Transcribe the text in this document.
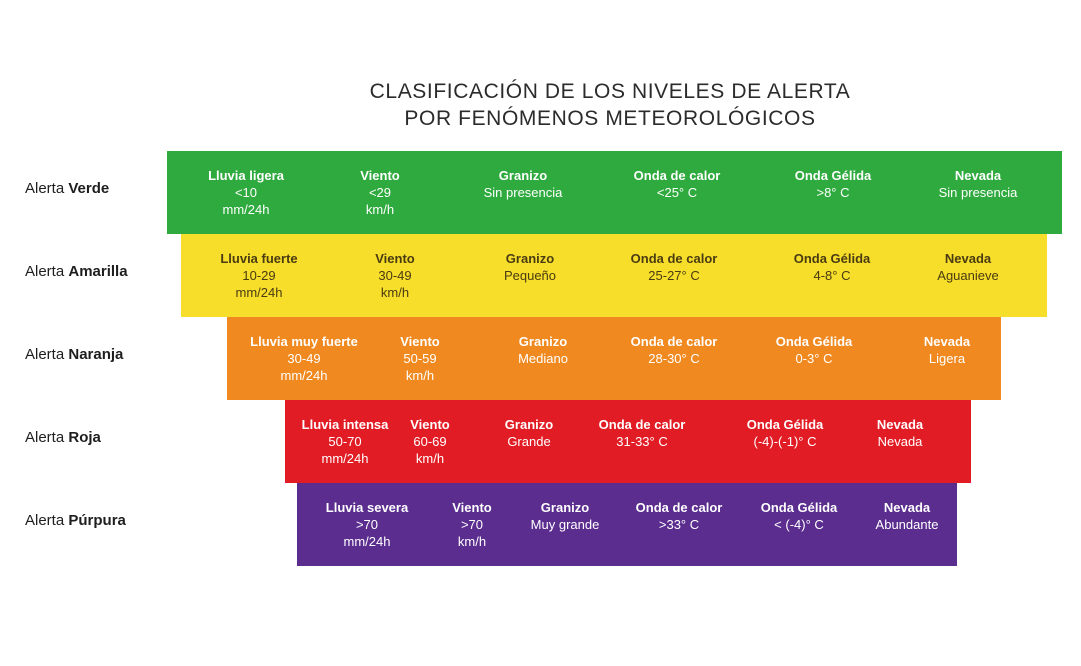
CLASIFICACIÓN DE LOS NIVELES DE ALERTA
POR FENÓMENOS METEOROLÓGICOS
Alerta Verde
Alerta Amarilla
Alerta Naranja
Alerta Roja
Alerta Púrpura
Lluvia ligera
<10
mm/24h
Viento
<29
km/h
Granizo
Sin presencia
Onda de calor
<25° C
Onda Gélida
>8° C
Nevada
Sin presencia
Lluvia fuerte
10-29
mm/24h
Viento
30-49
km/h
Granizo
Pequeño
Onda de calor
25-27° C
Onda Gélida
4-8° C
Nevada
Aguanieve
Lluvia muy fuerte
30-49
mm/24h
Viento
50-59
km/h
Granizo
Mediano
Onda de calor
28-30° C
Onda Gélida
0-3° C
Nevada
Ligera
Lluvia intensa
50-70
mm/24h
Viento
60-69
km/h
Granizo
Grande
Onda de calor
31-33° C
Onda Gélida
(-4)-(-1)° C
Nevada
Nevada
Lluvia severa
>70
mm/24h
Viento
>70
km/h
Granizo
Muy grande
Onda de calor
>33° C
Onda Gélida
< (-4)° C
Nevada
Abundante
